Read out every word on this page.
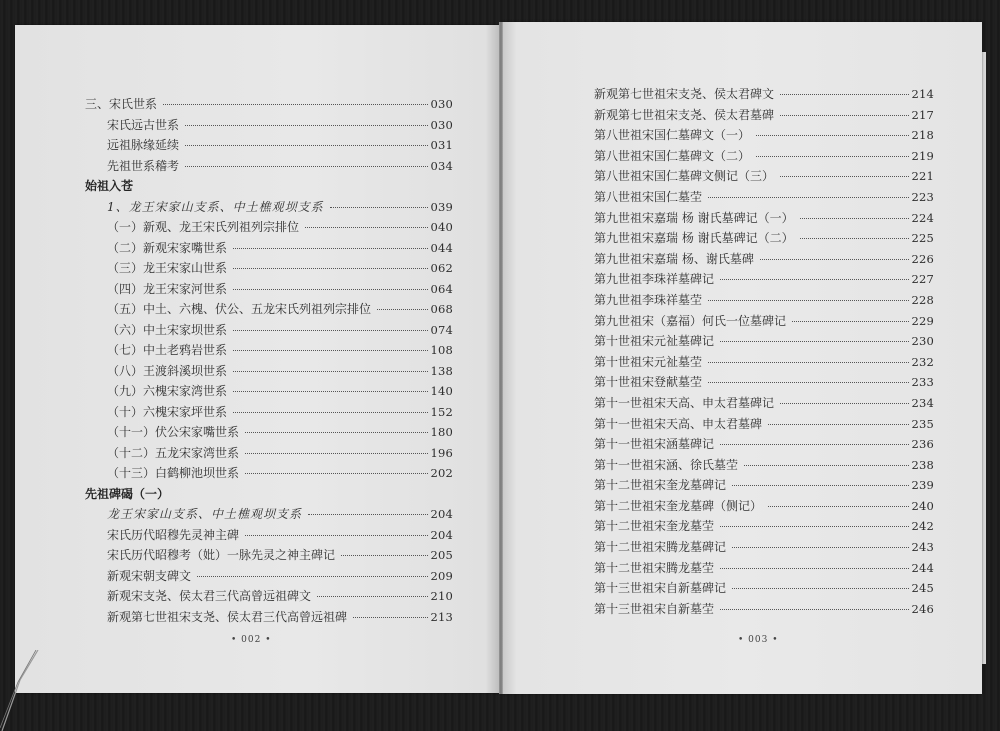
三、宋氏世系	030
宋氏远古世系	030
远祖脉缘延续	031
先祖世系稽考	034
始祖入苍
1、龙王宋家山支系、中土樵观坝支系	039
（一）新观、龙王宋氏列祖列宗排位	040
（二）新观宋家嘴世系	044
（三）龙王宋家山世系	062
（四）龙王宋家河世系	064
（五）中土、六槐、伏公、五龙宋氏列祖列宗排位	068
（六）中土宋家坝世系	074
（七）中土老鸦岩世系	108
（八）王渡斜溪坝世系	138
（九）六槐宋家湾世系	140
（十）六槐宋家坪世系	152
（十一）伏公宋家嘴世系	180
（十二）五龙宋家湾世系	196
（十三）白鹤柳池坝世系	202
先祖碑碣（一）
龙王宋家山支系、中土樵观坝支系	204
宋氏历代昭穆先灵神主碑	204
宋氏历代昭穆考（妣）一脉先灵之神主碑记	205
新观宋朝支碑文	209
新观宋支尧、侯太君三代高曾远祖碑文	210
新观第七世祖宋支尧、侯太君三代高曾远祖碑	213
• 002 •
新观第七世祖宋支尧、侯太君碑文	214
新观第七世祖宋支尧、侯太君墓碑	217
第八世祖宋国仁墓碑文（一）	218
第八世祖宋国仁墓碑文（二）	219
第八世祖宋国仁墓碑文侧记（三）	221
第八世祖宋国仁墓茔	223
第九世祖宋嘉瑞 杨 谢氏墓碑记（一）	224
第九世祖宋嘉瑞 杨 谢氏墓碑记（二）	225
第九世祖宋嘉瑞 杨、谢氏墓碑	226
第九世祖李珠祥墓碑记	227
第九世祖李珠祥墓茔	228
第九世祖宋（嘉福）何氏一位墓碑记	229
第十世祖宋元祉墓碑记	230
第十世祖宋元祉墓茔	232
第十世祖宋登献墓茔	233
第十一世祖宋天高、申太君墓碑记	234
第十一世祖宋天高、申太君墓碑	235
第十一世祖宋涵墓碑记	236
第十一世祖宋涵、徐氏墓茔	238
第十二世祖宋奎龙墓碑记	239
第十二世祖宋奎龙墓碑（侧记）	240
第十二世祖宋奎龙墓茔	242
第十二世祖宋腾龙墓碑记	243
第十二世祖宋腾龙墓茔	244
第十三世祖宋自新墓碑记	245
第十三世祖宋自新墓茔	246
• 003 •
